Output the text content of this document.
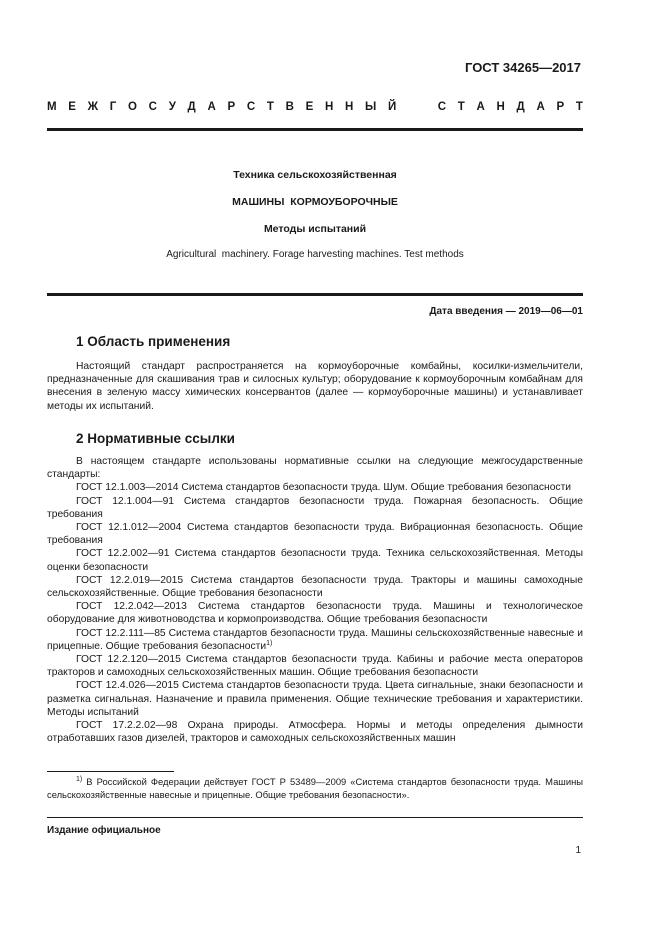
ГОСТ 34265—2017
М Е Ж Г О С У Д А Р С Т В Е Н Н Ы Й

	С Т А Н Д А Р Т
Техника сельскохозяйственная
МАШИНЫ  КОРМОУБОРОЧНЫЕ
Методы испытаний
Agricultural  machinery. Forage harvesting machines. Test methods
Дата введения — 2019—06—01
1 Область применения

Настоящий стандарт распространяется на кормоуборочные комбайны, косилки-измельчители, предназначенные для скашивания трав и силосных культур; оборудование к кормоуборочным комбайнам для внесения в зеленую массу химических консервантов (далее — кормоуборочные машины) и устанавливает методы их испытаний.

2 Нормативные ссылки

В настоящем стандарте использованы нормативные ссылки на следующие межгосударственные стандарты:

ГОСТ 12.1.003—2014 Система стандартов безопасности труда. Шум. Общие требования безопасности

ГОСТ 12.1.004—91 Система стандартов безопасности труда. Пожарная безопасность. Общие требования

ГОСТ 12.1.012—2004 Система стандартов безопасности труда. Вибрационная безопасность. Общие требования

ГОСТ 12.2.002—91 Система стандартов безопасности труда. Техника сельскохозяйственная. Методы оценки безопасности

ГОСТ 12.2.019—2015 Система стандартов безопасности труда. Тракторы и машины самоходные сельскохозяйственные. Общие требования безопасности

ГОСТ 12.2.042—2013 Система стандартов безопасности труда. Машины и технологическое оборудование для животноводства и кормопроизводства. Общие требования безопасности

ГОСТ 12.2.111—85 Система стандартов безопасности труда. Машины сельскохозяйственные навесные и прицепные. Общие требования безопасности$^{1)}$

ГОСТ 12.2.120—2015 Система стандартов безопасности труда. Кабины и рабочие места операторов тракторов и самоходных сельскохозяйственных машин. Общие требования безопасности

ГОСТ 12.4.026—2015 Система стандартов безопасности труда. Цвета сигнальные, знаки безопасности и разметка сигнальная. Назначение и правила применения. Общие технические требования и характеристики. Методы испытаний

ГОСТ 17.2.2.02—98 Охрана природы. Атмосфера. Нормы и методы определения дымности отработавших газов дизелей, тракторов и самоходных сельскохозяйственных машин

$^{1)}$ В Российской Федерации действует ГОСТ Р 53489—2009 «Система стандартов безопасности труда. Машины сельскохозяйственные навесные и прицепные. Общие требования безопасности».

Издание официальное
1
